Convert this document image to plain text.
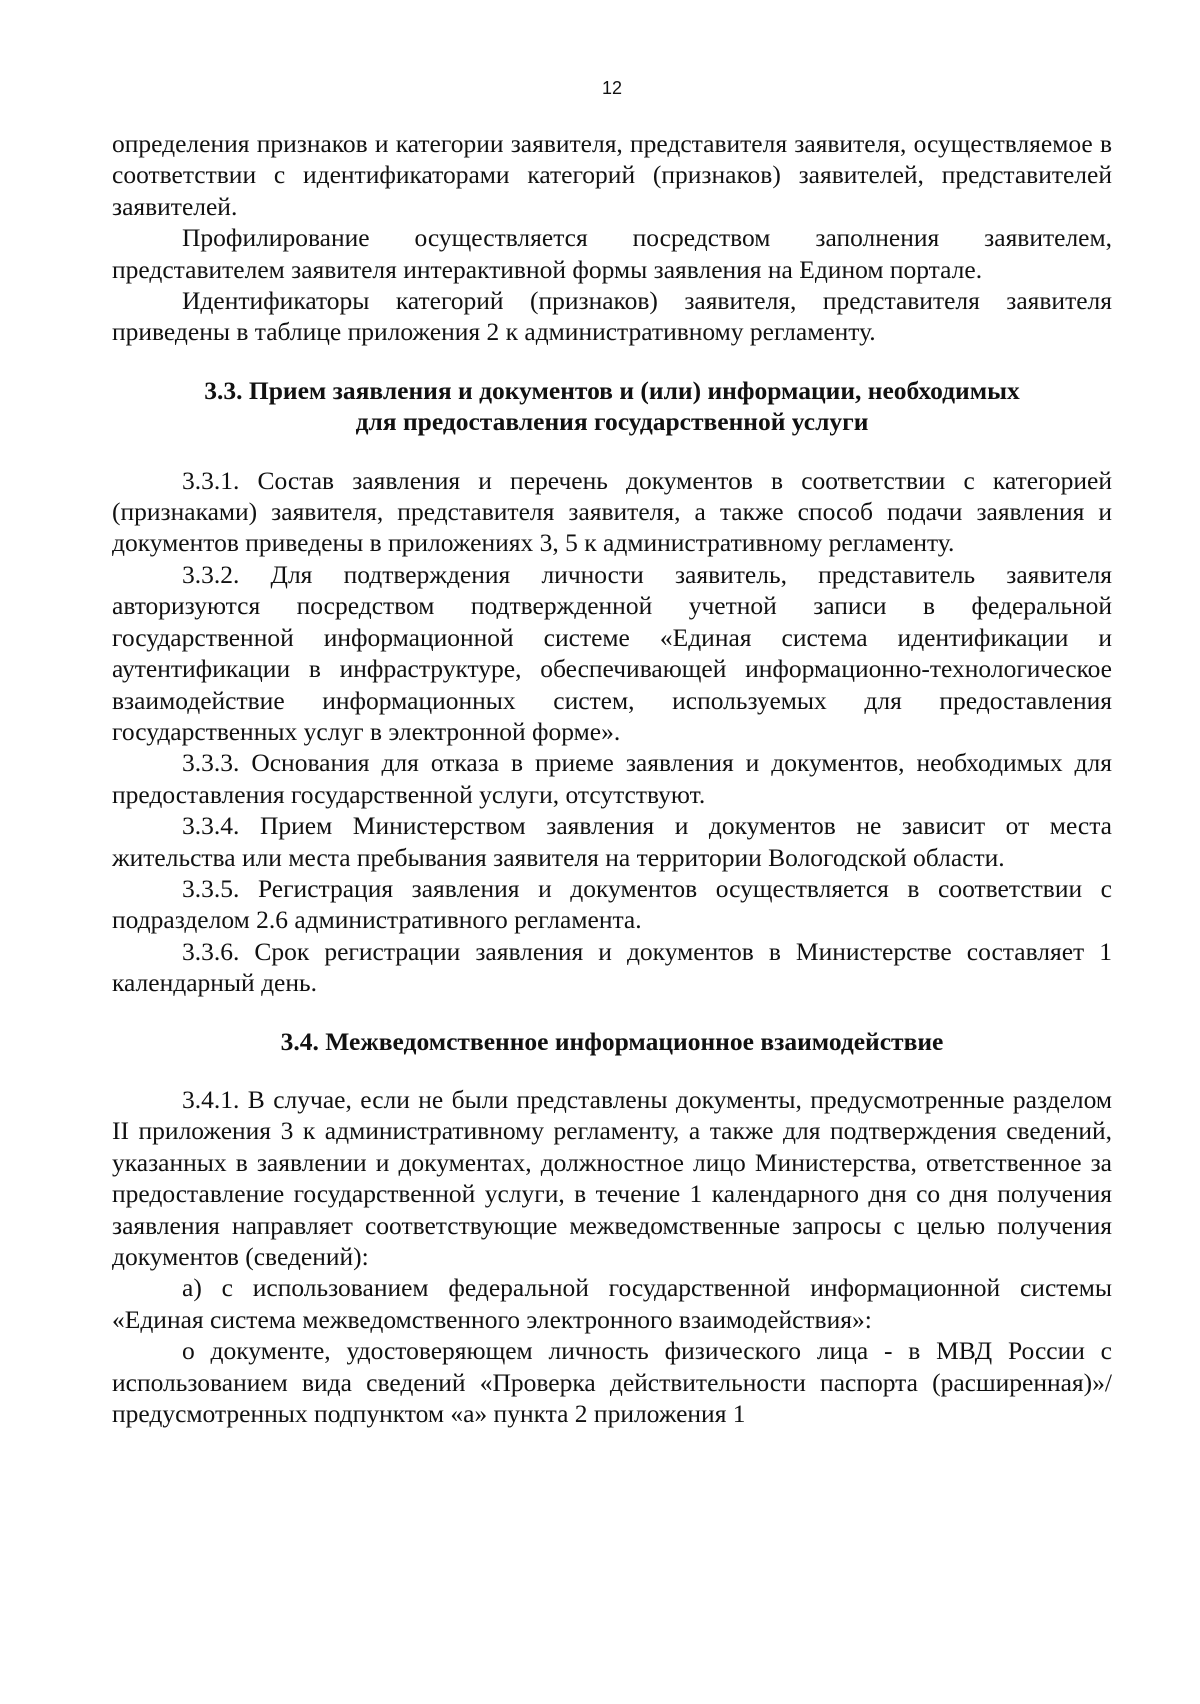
12

определения признаков и категории заявителя, представителя заявителя, осуществляемое в соответствии с идентификаторами категорий (признаков) заявителей, представителей заявителей.

Профилирование осуществляется посредством заполнения заявителем, представителем заявителя интерактивной формы заявления на Едином портале.

Идентификаторы категорий (признаков) заявителя, представителя заявителя приведены в таблице приложения 2 к административному регламенту.

3.3. Прием заявления и документов и (или) информации, необходимых
для предоставления государственной услуги

3.3.1. Состав заявления и перечень документов в соответствии с категорией (признаками) заявителя, представителя заявителя, а также способ подачи заявления и документов приведены в приложениях 3, 5 к административному регламенту.

3.3.2. Для подтверждения личности заявитель, представитель заявителя авторизуются посредством подтвержденной учетной записи в федеральной государственной информационной системе «Единая система идентификации и аутентификации в инфраструктуре, обеспечивающей информационно-технологическое взаимодействие информационных систем, используемых для предоставления государственных услуг в электронной форме».

3.3.3. Основания для отказа в приеме заявления и документов, необходимых для предоставления государственной услуги, отсутствуют.

3.3.4. Прием Министерством заявления и документов не зависит от места жительства или места пребывания заявителя на территории Вологодской области.

3.3.5. Регистрация заявления и документов осуществляется в соответствии с подразделом 2.6 административного регламента.

3.3.6. Срок регистрации заявления и документов в Министерстве составляет 1 календарный день.

3.4. Межведомственное информационное взаимодействие

3.4.1. В случае, если не были представлены документы, предусмотренные разделом II приложения 3 к административному регламенту, а также для подтверждения сведений, указанных в заявлении и документах, должностное лицо Министерства, ответственное за предоставление государственной услуги, в течение 1 календарного дня со дня получения заявления направляет соответствующие межведомственные запросы с целью получения документов (сведений):

а) с использованием федеральной государственной информационной системы «Единая система межведомственного электронного взаимодействия»:

о документе, удостоверяющем личность физического лица - в МВД России с использованием вида сведений «Проверка действительности паспорта (расширенная)»/предусмотренных подпунктом «а» пункта 2 приложения 1
